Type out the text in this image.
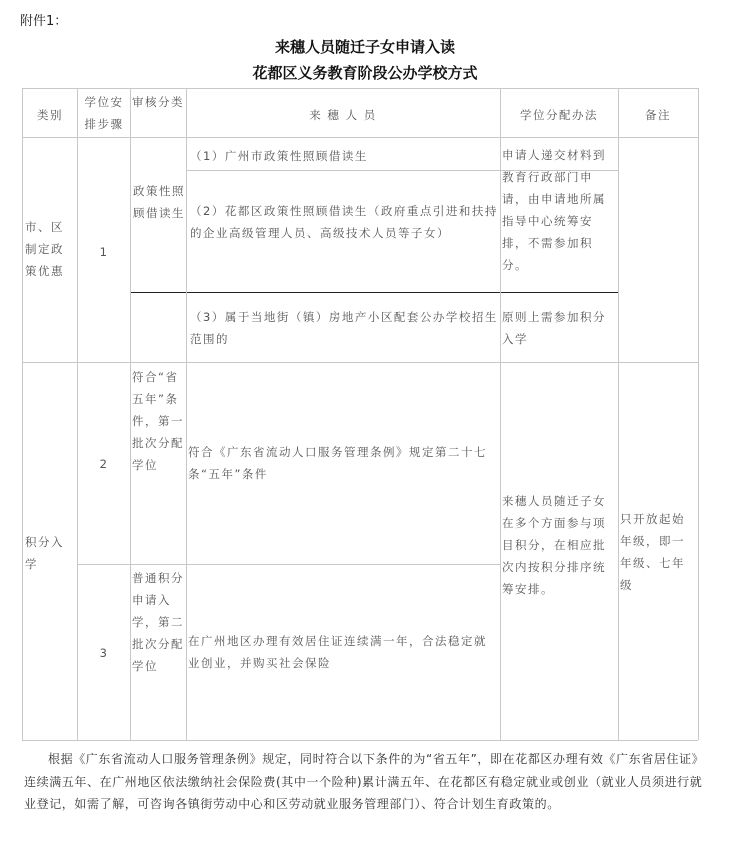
附件1：
来穗人员随迁子女申请入读
花都区义务教育阶段公办学校方式
类别
学位安排步骤
审核分类
来 穗 人 员	学位分配办法	备注
市、区制定政策优惠
1
政策性照顾借读生
（1）广州市政策性照顾借读生
（2）花都区政策性照顾借读生（政府重点引进和扶持的企业高级管理人员、高级技术人员等子女）
申请人递交材料到教育行政部门申请，由申请地所属指导中心统筹安排，不需参加积分。
（3）属于当地街（镇）房地产小区配套公办学校招生范围的
原则上需参加积分入学
积分入学
2
符合“省五年”条件，第一批次分配学位
符合《广东省流动人口服务管理条例》规定第二十七条“五年”条件
3
普通积分申请入学，第二批次分配学位
在广州地区办理有效居住证连续满一年，合法稳定就业创业，并购买社会保险
来穗人员随迁子女在多个方面参与项目积分，在相应批次内按积分排序统筹安排。
只开放起始年级，即一年级、七年级
根据《广东省流动人口服务管理条例》规定，同时符合以下条件的为“省五年”，即在花都区办理有效《广东省居住证》连续满五年、在广州地区依法缴纳社会保险费(其中一个险种)累计满五年、在花都区有稳定就业或创业（就业人员须进行就业登记，如需了解，可咨询各镇街劳动中心和区劳动就业服务管理部门）、符合计划生育政策的。
